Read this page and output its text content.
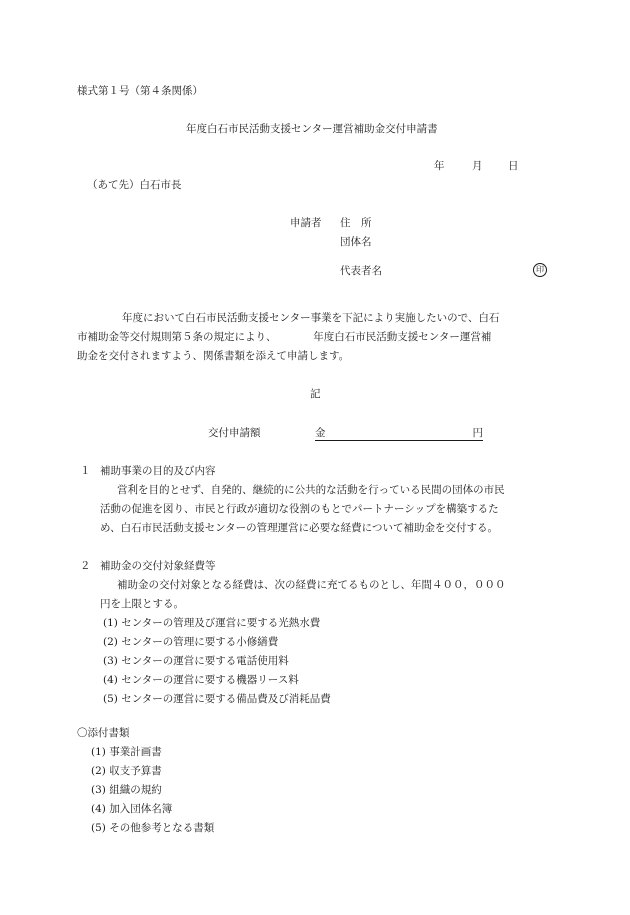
様式第１号（第４条関係）
年度白石市民活動支援センター運営補助金交付申請書
年	月 日
（あて先）白石市長
申請者 住　所
団体名
代表者名	印
年度において白石市民活動支援センター事業を下記により実施したいので、白石
市補助金等交付規則第５条の規定により、　　　　年度白石市民活動支援センター運営補
助金を交付されますよう、関係書類を添えて申請します。
記
交付申請額	金	円
１ 補助事業の目的及び内容
営利を目的とせず、自発的、継続的に公共的な活動を行っている民間の団体の市民
活動の促進を図り、市民と行政が適切な役割のもとでパートナーシップを構築するた
め、白石市民活動支援センターの管理運営に必要な経費について補助金を交付する。
２ 補助金の交付対象経費等
補助金の交付対象となる経費は、次の経費に充てるものとし、年間４００，０００
円を上限とする。
(1) センターの管理及び運営に要する光熱水費
(2) センターの管理に要する小修繕費
(3) センターの運営に要する電話使用料
(4) センターの運営に要する機器リース料
(5) センターの運営に要する備品費及び消耗品費
〇添付書類
(1) 事業計画書
(2) 収支予算書
(3) 組織の規約
(4) 加入団体名簿
(5) その他参考となる書類
